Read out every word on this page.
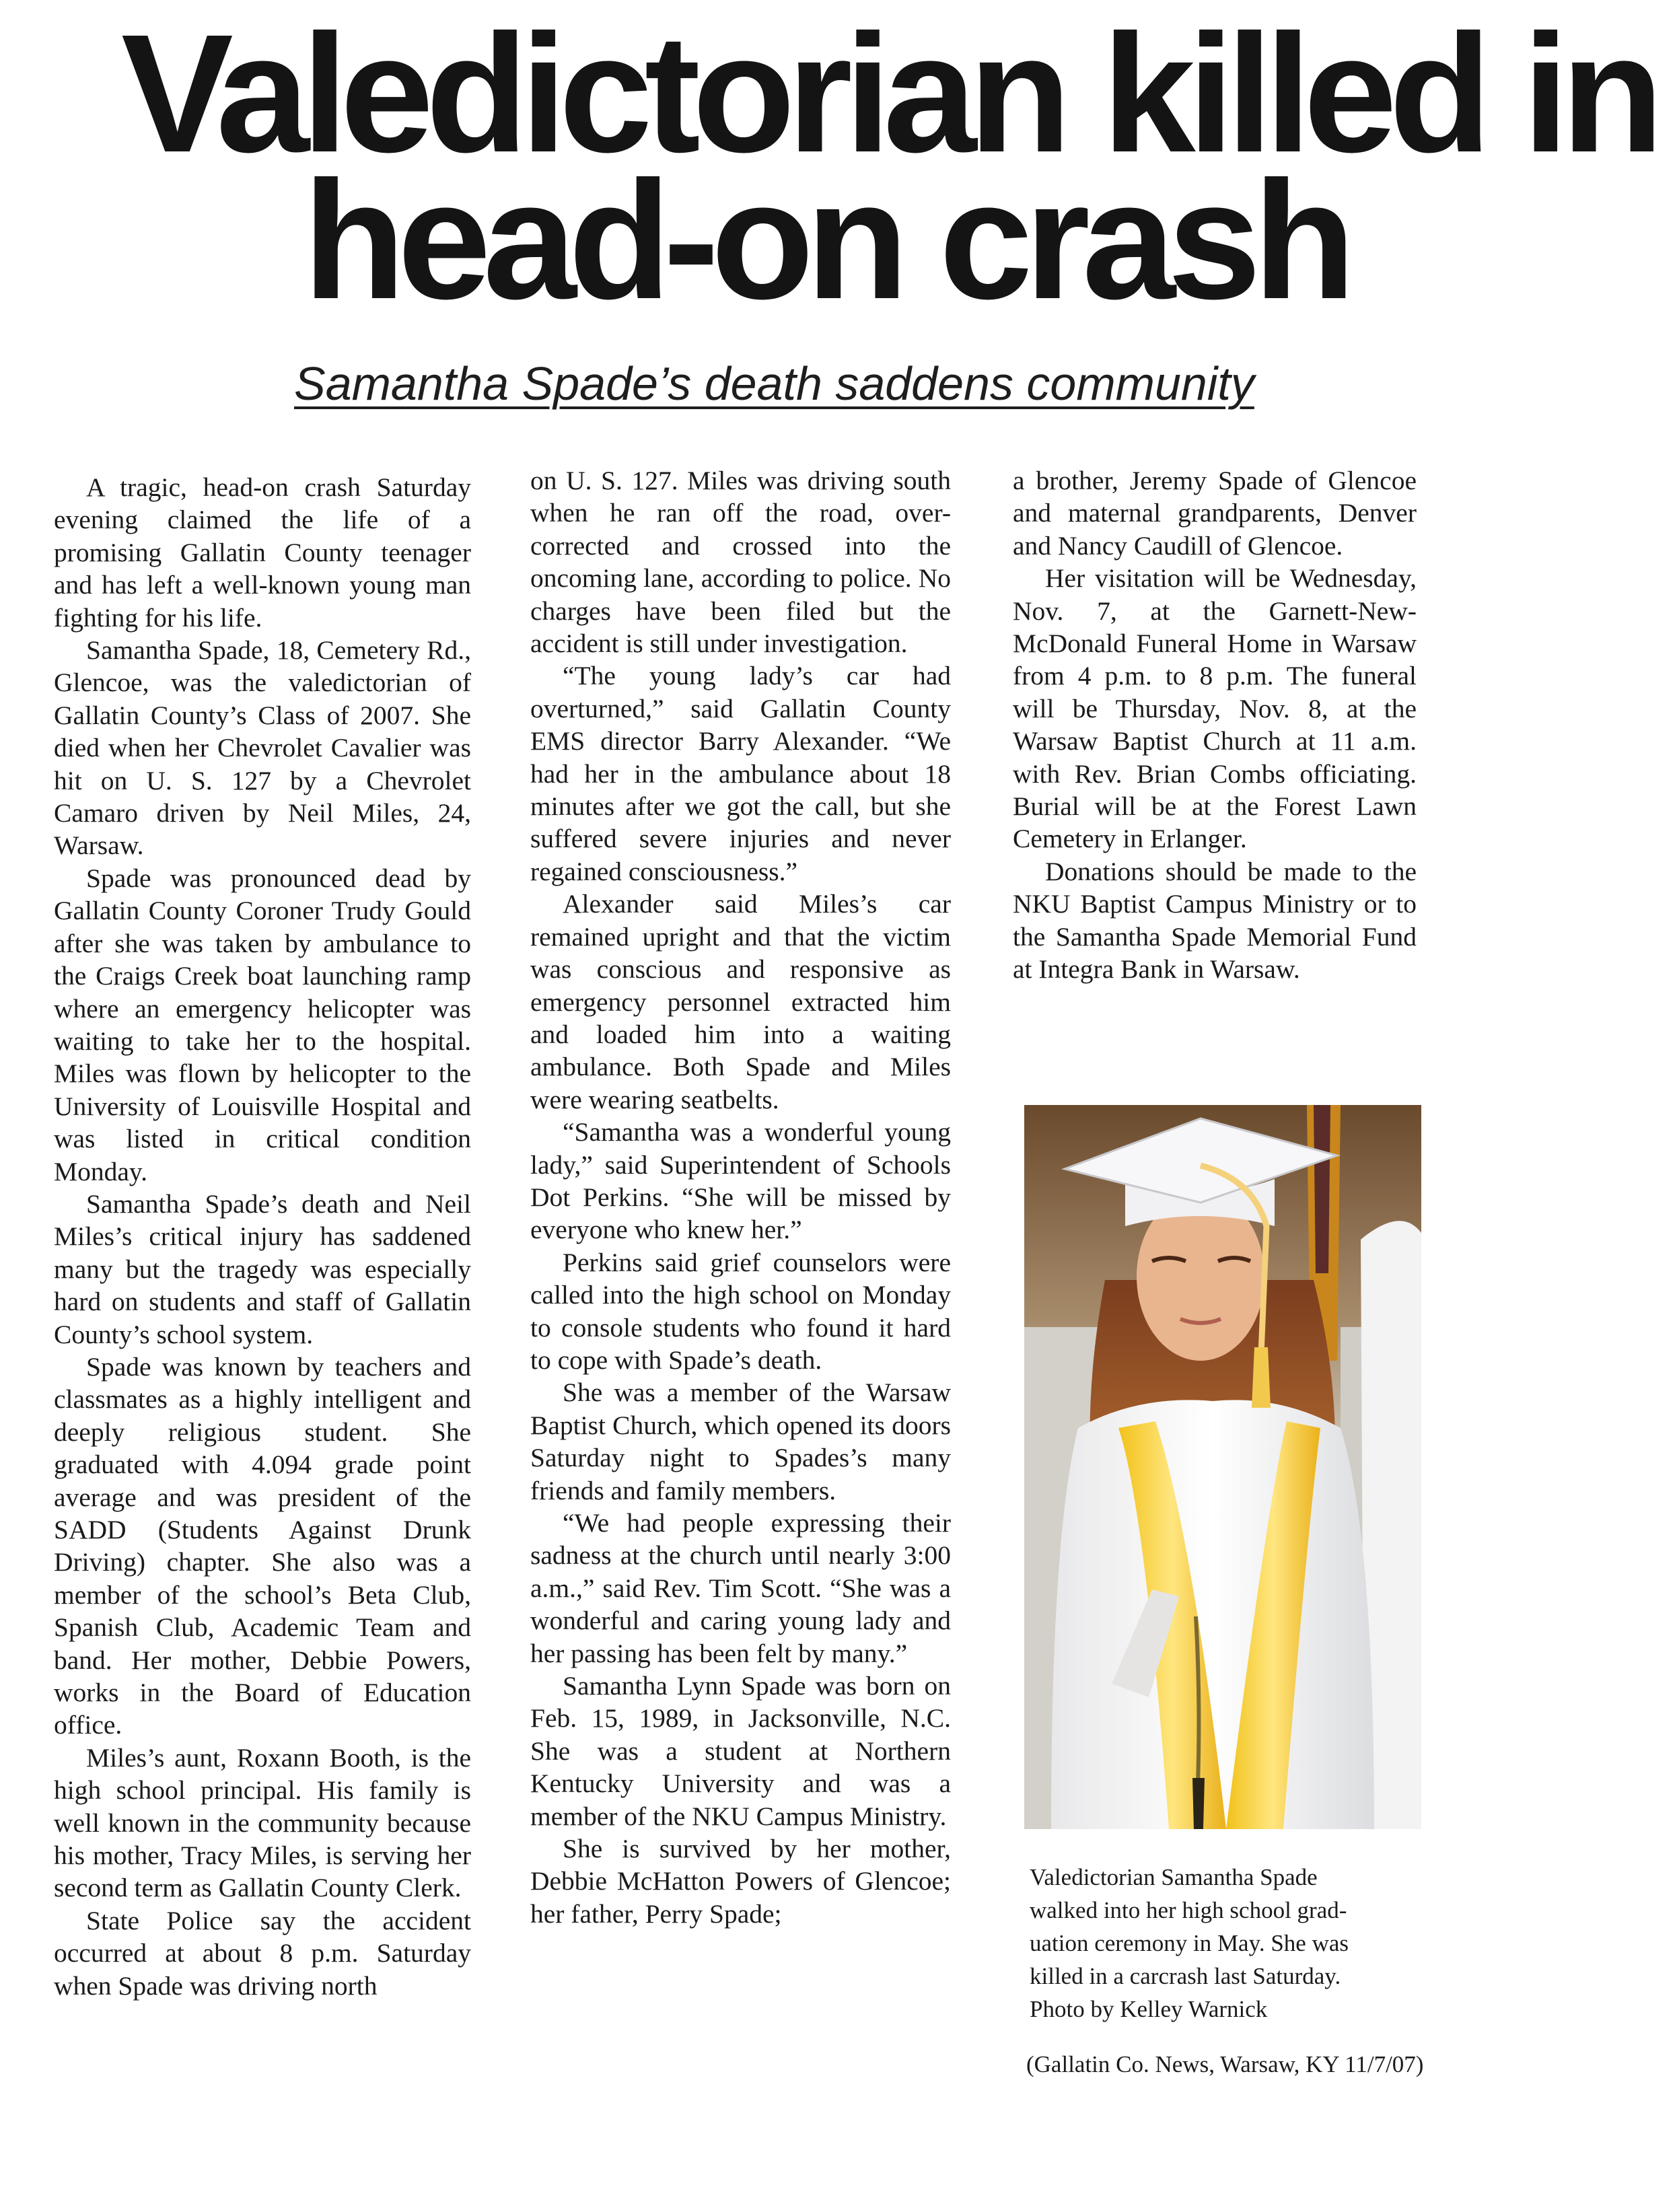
Valedictorian killed in
head-on crash
Samantha Spade’s death saddens community

A tragic, head-on crash Saturday evening claimed the life of a promising Gallatin County teenager and has left a well-known young man fighting for his life.

Samantha Spade, 18, Cemetery Rd., Glencoe, was the valedictorian of Gallatin County’s Class of 2007. She died when her Chevrolet Cavalier was hit on U. S. 127 by a Chevrolet Camaro driven by Neil Miles, 24, Warsaw.

Spade was pronounced dead by Gallatin County Coroner Trudy Gould after she was taken by ambulance to the Craigs Creek boat launching ramp where an emergency helicopter was waiting to take her to the hospital. Miles was flown by helicopter to the University of Louisville Hospital and was listed in critical condition Monday.

Samantha Spade’s death and Neil Miles’s critical injury has saddened many but the tragedy was especially hard on students and staff of Gallatin County’s school system.

Spade was known by teachers and classmates as a highly intelligent and deeply religious student. She graduated with 4.094 grade point average and was president of the SADD (Students Against Drunk Driving) chapter. She also was a member of the school’s Beta Club, Spanish Club, Academic Team and band. Her mother, Debbie Powers, works in the Board of Education office.

Miles’s aunt, Roxann Booth, is the high school principal. His family is well known in the community because his mother, Tracy Miles, is serving her second term as Gallatin County Clerk.

State Police say the accident occurred at about 8 p.m. Saturday when Spade was driving north

on U. S. 127. Miles was driving south when he ran off the road, over-corrected and crossed into the oncoming lane, according to police. No charges have been filed but the accident is still under investigation.

“The young lady’s car had overturned,” said Gallatin County EMS director Barry Alexander. “We had her in the ambulance about 18 minutes after we got the call, but she suffered severe injuries and never regained consciousness.”

Alexander said Miles’s car remained upright and that the victim was conscious and responsive as emergency personnel extracted him and loaded him into a waiting ambulance. Both Spade and Miles were wearing seatbelts.

“Samantha was a wonderful young lady,” said Superintendent of Schools Dot Perkins. “She will be missed by everyone who knew her.”

Perkins said grief counselors were called into the high school on Monday to console students who found it hard to cope with Spade’s death.

She was a member of the Warsaw Baptist Church, which opened its doors Saturday night to Spades’s many friends and family members.

“We had people expressing their sadness at the church until nearly 3:00 a.m.,” said Rev. Tim Scott. “She was a wonderful and caring young lady and her passing has been felt by many.”

Samantha Lynn Spade was born on Feb. 15, 1989, in Jacksonville, N.C. She was a student at Northern Kentucky University and was a member of the NKU Campus Ministry.

She is survived by her mother, Debbie McHatton Powers of Glencoe; her father, Perry Spade;

a brother, Jeremy Spade of Glencoe and maternal grandparents, Denver and Nancy Caudill of Glencoe.

Her visitation will be Wednesday, Nov. 7, at the Garnett-New-McDonald Funeral Home in Warsaw from 4 p.m. to 8 p.m. The funeral will be Thursday, Nov. 8, at the Warsaw Baptist Church at 11 a.m. with Rev. Brian Combs officiating. Burial will be at the Forest Lawn Cemetery in Erlanger.

Donations should be made to the NKU Baptist Campus Ministry or to the Samantha Spade Memorial Fund at Integra Bank in Warsaw.

Valedictorian Samantha Spade

walked into her high school grad-

uation ceremony in May. She was

killed in a carcrash last Saturday.

Photo by Kelley Warnick

(Gallatin Co. News, Warsaw, KY 11/7/07)
